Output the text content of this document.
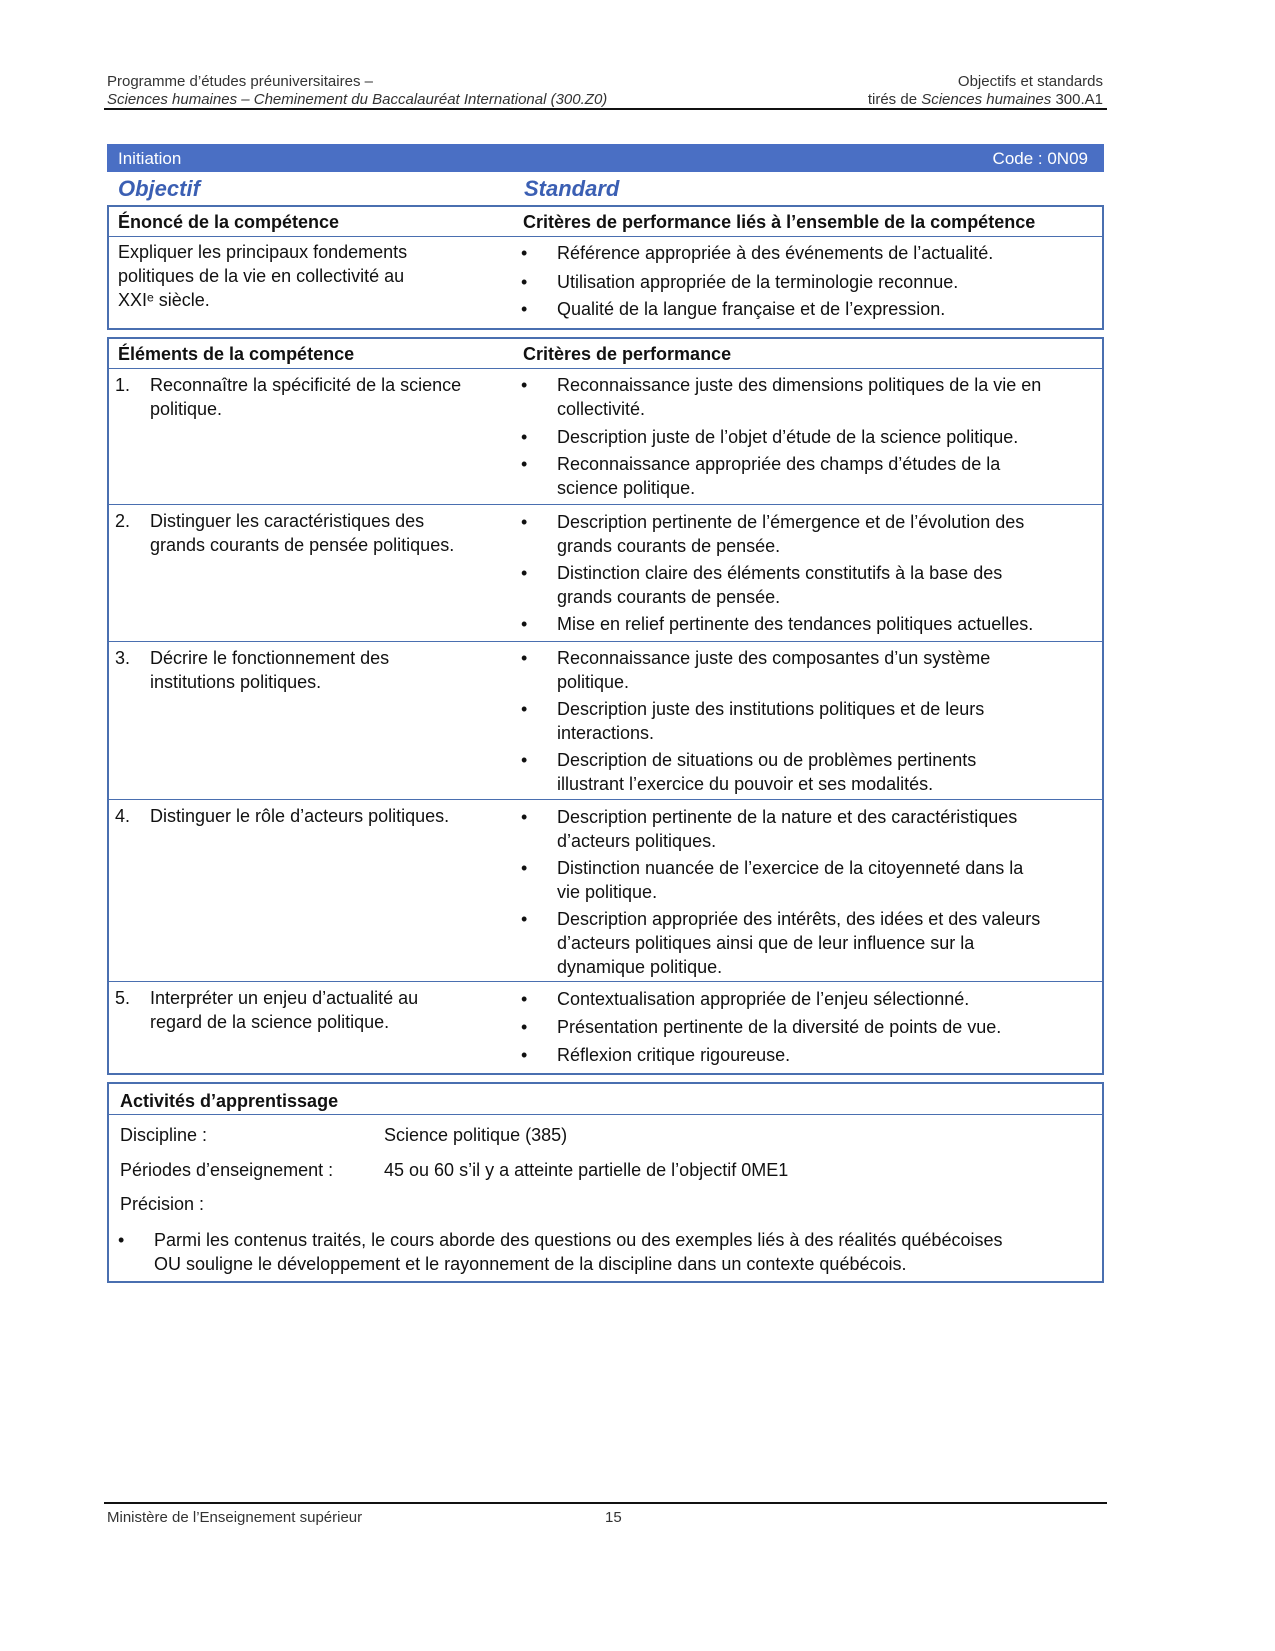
Programme d’études préuniversitaires –
Sciences humaines – Cheminement du Baccalauréat International (300.Z0)
Objectifs et standards
tirés de Sciences humaines 300.A1
Initiation	Code : 0N09
Objectif	Standard
Énoncé de la compétence	Critères de performance liés à l’ensemble de la compétence
Expliquer les principaux fondements
politiques de la vie en collectivité au
XXIᵉ siècle.
• Référence appropriée à des événements de l’actualité.
• Utilisation appropriée de la terminologie reconnue.
• Qualité de la langue française et de l’expression.
Éléments de la compétence	Critères de performance
1. Reconnaître la spécificité de la science
politique.
• Reconnaissance juste des dimensions politiques de la vie en
collectivité.
• Description juste de l’objet d’étude de la science politique.
• Reconnaissance appropriée des champs d’études de la
science politique.
2. Distinguer les caractéristiques des
grands courants de pensée politiques.
• Description pertinente de l’émergence et de l’évolution des
grands courants de pensée.
• Distinction claire des éléments constitutifs à la base des
grands courants de pensée.
• Mise en relief pertinente des tendances politiques actuelles.
3. Décrire le fonctionnement des
institutions politiques.
• Reconnaissance juste des composantes d’un système
politique.
• Description juste des institutions politiques et de leurs
interactions.
• Description de situations ou de problèmes pertinents
illustrant l’exercice du pouvoir et ses modalités.
4. Distinguer le rôle d’acteurs politiques.
•	Description pertinente de la nature et des caractéristiques
d’acteurs politiques.
• Distinction nuancée de l’exercice de la citoyenneté dans la
vie politique.
• Description appropriée des intérêts, des idées et des valeurs
d’acteurs politiques ainsi que de leur influence sur la
dynamique politique.
5. Interpréter un enjeu d’actualité au
regard de la science politique.
• Contextualisation appropriée de l’enjeu sélectionné.
• Présentation pertinente de la diversité de points de vue.
• Réflexion critique rigoureuse.
Activités d’apprentissage
Discipline :	Science politique (385)
Périodes d’enseignement :	45 ou 60 s’il y a atteinte partielle de l’objectif 0ME1
Précision :
• Parmi les contenus traités, le cours aborde des questions ou des exemples liés à des réalités québécoises
OU souligne le développement et le rayonnement de la discipline dans un contexte québécois.
Ministère de l’Enseignement supérieur	15
